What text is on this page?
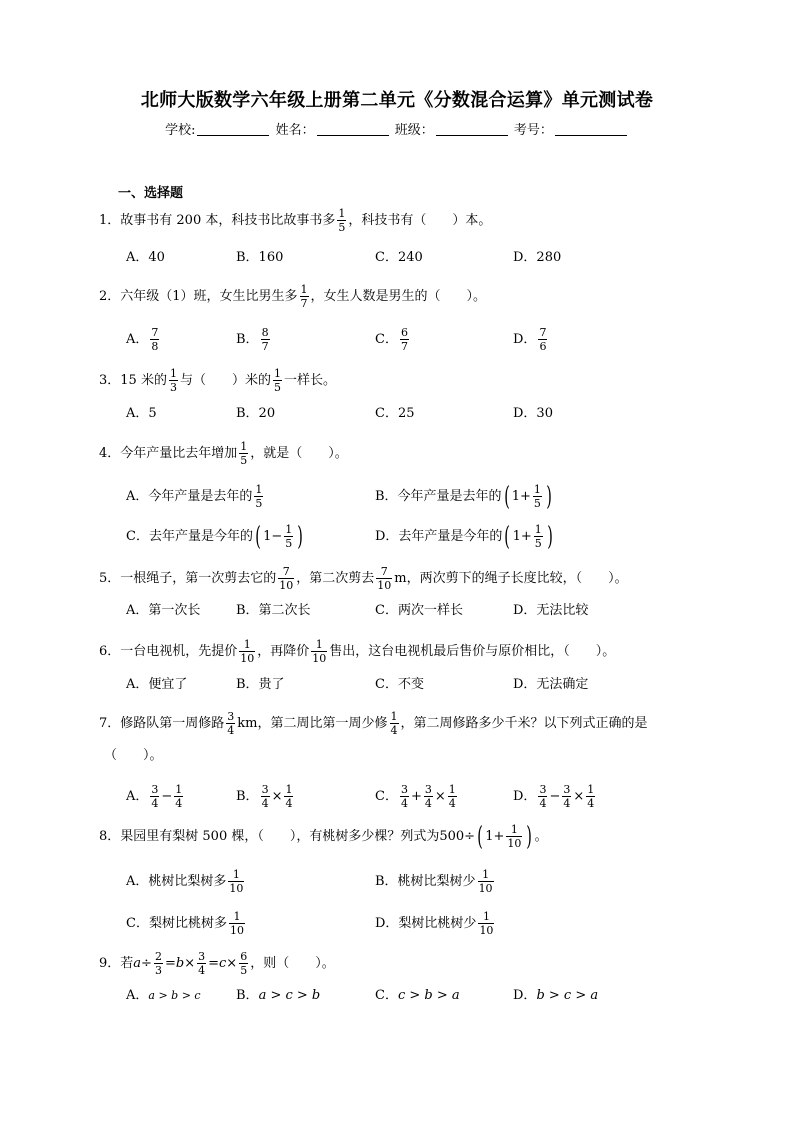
北师大版数学六年级上册第二单元《分数混合运算》单元测试卷
学校:	姓名：	班级：	考号：
一、选择题
1．故事书有 200 本，科技书比故事书多 $\frac{1}{5}$ ，科技书有（　　）本。
A．40	B．160	C．240	D．280
2．六年级（1）班，女生比男生多 $\frac{1}{7}$ ，女生人数是男生的（　　）。
A． $\frac{7}{8}$	B． $\frac{8}{7}$	C． $\frac{6}{7}$	D． $\frac{7}{6}$
3．15 米的 $\frac{1}{3}$ 与（　　）米的 $\frac{1}{5}$ 一样长。
A．5	B．20	C．25	D．30
4．今年产量比去年增加 $\frac{1}{5}$ ，就是（　　）。
A．今年产量是去年的 $\frac{1}{5}$	B．今年产量是去年的( $1+ \frac{1}{5}$ )
C．去年产量是今年的( $1- \frac{1}{5}$ )	D．去年产量是今年的( $1+ \frac{1}{5}$ )
5．一根绳子，第一次剪去它的 $\frac{7}{10}$ ，第二次剪去 $\frac{7}{10}$ m，两次剪下的绳子长度比较，（　　）。
A．第一次长	B．第二次长	C．两次一样长	D．无法比较
6．一台电视机，先提价 $\frac{1}{10}$ ，再降价 $\frac{1}{10}$ 售出，这台电视机最后售价与原价相比，（　　）。
A．便宜了	B．贵了	C．不变	D．无法确定
7．修路队第一周修路 $\frac{3}{4}$ km，第二周比第一周少修 $\frac{1}{4}$ ，第二周修路多少千米？以下列式正确的是
（　　）。
A． $\frac{3}{4} - \frac{1}{4}$	B． $\frac{3}{4} \times \frac{1}{4}$	C． $\frac{3}{4} + \frac{3}{4} \times \frac{1}{4}$	D． $\frac{3}{4} - \frac{3}{4} \times \frac{1}{4}$
8．果园里有梨树 500 棵，（　　），有桃树多少棵？列式为500÷( $1+ \frac{1}{10}$ ) 。
A．桃树比梨树多 $\frac{1}{10}$	B．桃树比梨树少 $\frac{1}{10}$
C．梨树比桃树多 $\frac{1}{10}$	D．梨树比桃树少 $\frac{1}{10}$
9．若$a\div \frac{2}{3} =b\times \frac{3}{4} =c\times \frac{6}{5}$ ，则（　　）。
A．a > b > c	B．a > c > b	C．c > b > a	D．b > c > a
